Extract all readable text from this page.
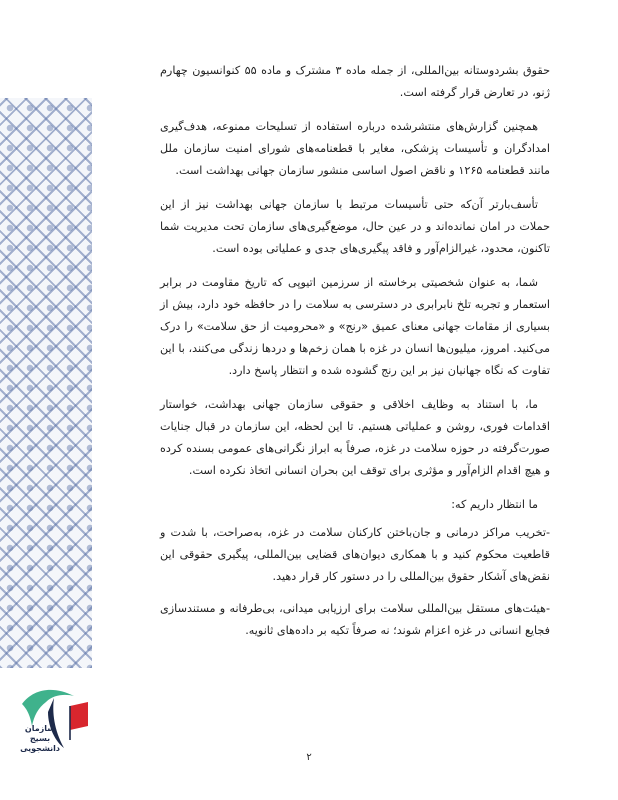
حقوق بشردوستانه بین‌المللی، از جمله ماده ۳ مشترک و ماده ۵۵ کنوانسیون چهارم ژنو، در تعارض قرار گرفته است.

همچنین گزارش‌های منتشرشده درباره استفاده از تسلیحات ممنوعه، هدف‌گیری امدادگران و تأسیسات پزشکی، مغایر با قطعنامه‌های شورای امنیت سازمان ملل مانند قطعنامه ۱۲۶۵ و ناقض اصول اساسی منشور سازمان جهانی بهداشت است.

تأسف‌بارتر آن‌که حتی تأسیسات مرتبط با سازمان جهانی بهداشت نیز از این حملات در امان نمانده‌اند و در عین حال، موضع‌گیری‌های سازمان تحت مدیریت شما تاکنون، محدود، غیرالزام‌آور و فاقد پیگیری‌های جدی و عملیاتی بوده است.

شما، به عنوان شخصیتی برخاسته از سرزمین اتیوپی که تاریخ مقاومت در برابر استعمار و تجربه تلخ نابرابری در دسترسی به سلامت را در حافظه خود دارد، بیش از بسیاری از مقامات جهانی معنای عمیق «رنج» و «محرومیت از حق سلامت» را درک می‌کنید. امروز، میلیون‌ها انسان در غزه با همان زخم‌ها و دردها زندگی می‌کنند، با این تفاوت که نگاه جهانیان نیز بر این رنج گشوده شده و انتظار پاسخ دارد.

ما، با استناد به وظایف اخلاقی و حقوقی سازمان جهانی بهداشت، خواستار اقدامات فوری، روشن و عملیاتی هستیم. تا این لحظه، این سازمان در قبال جنایات صورت‌گرفته در حوزه سلامت در غزه، صرفاً به ابراز نگرانی‌های عمومی بسنده کرده و هیچ اقدام الزام‌آور و مؤثری برای توقف این بحران انسانی اتخاذ نکرده است.

ما انتظار داریم که:

-تخریب مراکز درمانی و جان‌باختن کارکنان سلامت در غزه، به‌صراحت، با شدت و قاطعیت محکوم کنید و با همکاری دیوان‌های قضایی بین‌المللی، پیگیری حقوقی این نقض‌های آشکار حقوق بین‌المللی را در دستور کار قرار دهید.

-هیئت‌های مستقل بین‌المللی سلامت برای ارزیابی میدانی، بی‌طرفانه و مستندسازی فجایع انسانی در غزه اعزام شوند؛ نه صرفاً تکیه بر داده‌های ثانویه.

سازمان
بسیج
دانشجویی
۲
